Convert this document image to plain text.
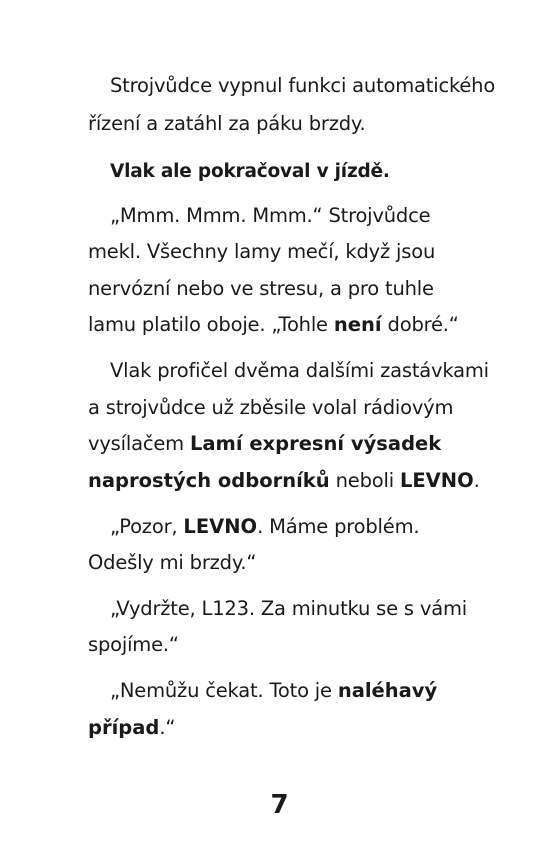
Strojvůdce vypnul funkci automatického
řízení a zatáhl za páku brzdy.
Vlak ale pokračoval v jízdě.
„Mmm. Mmm. Mmm.“ Strojvůdce
mekl. Všechny lamy mečí, když jsou
nervózní nebo ve stresu, a pro tuhle
lamu platilo oboje. „Tohle není dobré.“
Vlak profičel dvěma dalšími zastávkami
a strojvůdce už zběsile volal rádiovým
vysílačem Lamí expresní výsadek
naprostých odborníků neboli LEVNO.
„Pozor, LEVNO. Máme problém.
Odešly mi brzdy.“
„Vydržte, L123. Za minutku se s vámi
spojíme.“
„Nemůžu čekat. Toto je naléhavý
případ.“
7
